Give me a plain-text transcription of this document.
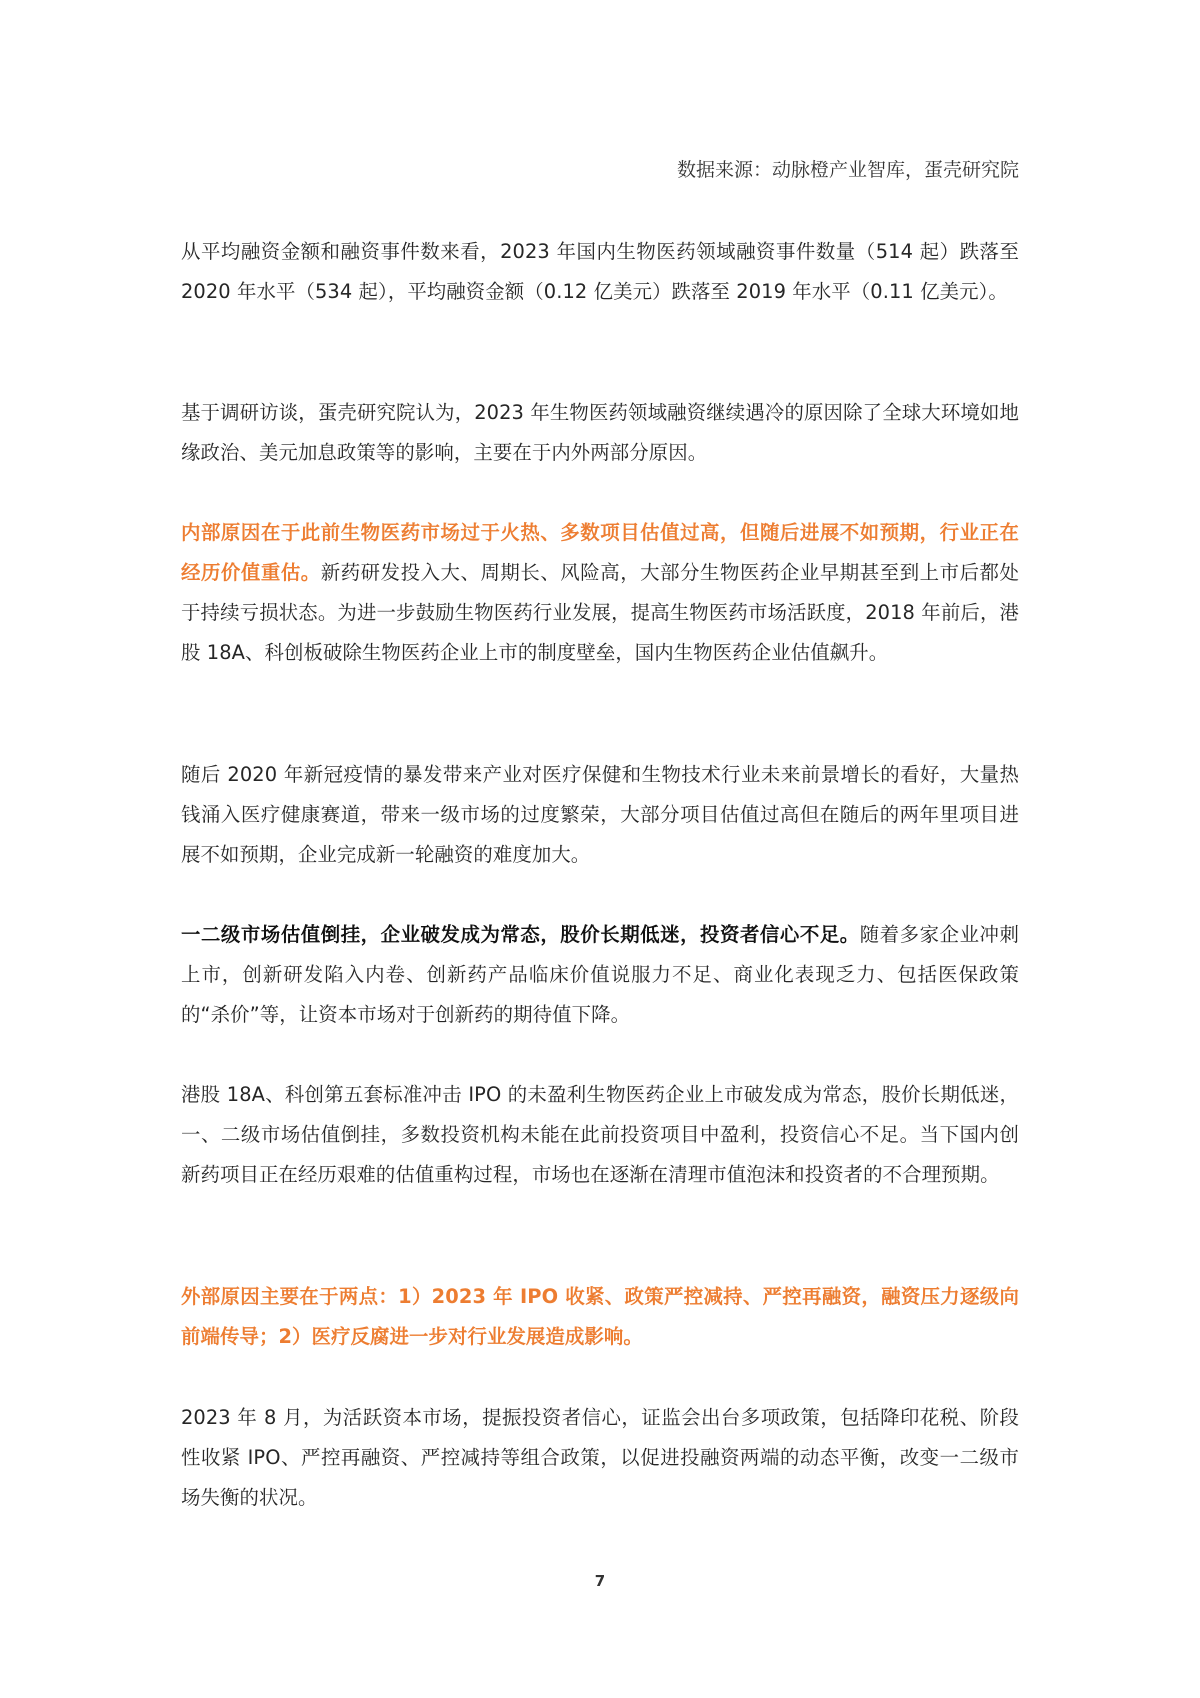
数据来源：动脉橙产业智库，蛋壳研究院

从平均融资金额和融资事件数来看，2023 年国内生物医药领域融资事件数量（514 起）跌落至 2020 年水平（534 起），平均融资金额（0.12 亿美元）跌落至 2019 年水平（0.11 亿美元）。

基于调研访谈，蛋壳研究院认为，2023 年生物医药领域融资继续遇冷的原因除了全球大环境如地缘政治、美元加息政策等的影响，主要在于内外两部分原因。

内部原因在于此前生物医药市场过于火热、多数项目估值过高，但随后进展不如预期，行业正在经历价值重估。新药研发投入大、周期长、风险高，大部分生物医药企业早期甚至到上市后都处于持续亏损状态。为进一步鼓励生物医药行业发展，提高生物医药市场活跃度，2018 年前后，港股 18A、科创板破除生物医药企业上市的制度壁垒，国内生物医药企业估值飙升。

随后 2020 年新冠疫情的暴发带来产业对医疗保健和生物技术行业未来前景增长的看好，大量热钱涌入医疗健康赛道，带来一级市场的过度繁荣，大部分项目估值过高但在随后的两年里项目进展不如预期，企业完成新一轮融资的难度加大。

一二级市场估值倒挂，企业破发成为常态，股价长期低迷，投资者信心不足。随着多家企业冲刺上市，创新研发陷入内卷、创新药产品临床价值说服力不足、商业化表现乏力、包括医保政策的“杀价”等，让资本市场对于创新药的期待值下降。

港股 18A、科创第五套标准冲击 IPO 的未盈利生物医药企业上市破发成为常态，股价长期低迷，一、二级市场估值倒挂，多数投资机构未能在此前投资项目中盈利，投资信心不足。当下国内创新药项目正在经历艰难的估值重构过程，市场也在逐渐在清理市值泡沫和投资者的不合理预期。

外部原因主要在于两点：1）2023 年 IPO 收紧、政策严控减持、严控再融资，融资压力逐级向前端传导；2）医疗反腐进一步对行业发展造成影响。

2023 年 8 月，为活跃资本市场，提振投资者信心，证监会出台多项政策，包括降印花税、阶段性收紧 IPO、严控再融资、严控减持等组合政策，以促进投融资两端的动态平衡，改变一二级市场失衡的状况。

7
